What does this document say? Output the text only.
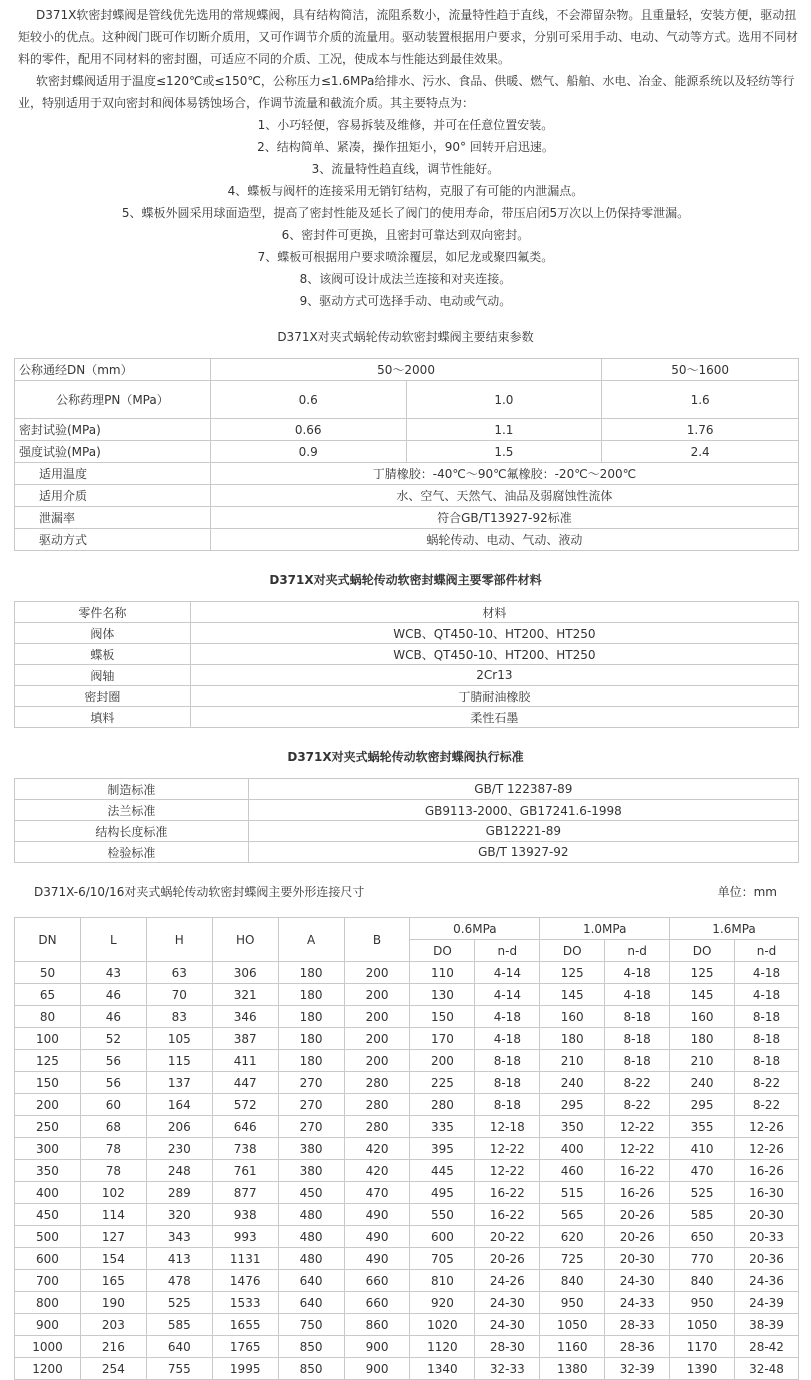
D371X软密封蝶阀是管线优先选用的常规蝶阀，具有结构简洁，流阻系数小，流量特性趋于直线，不会滞留杂物。且重量轻，安装方便，驱动扭矩较小的优点。这种阀门既可作切断介质用，又可作调节介质的流量用。驱动装置根据用户要求，分别可采用手动、电动、气动等方式。选用不同材料的零件，配用不同材料的密封圈，可适应不同的介质、工况，使成本与性能达到最佳效果。

软密封蝶阀适用于温度≤120℃或≤150℃，公称压力≤1.6MPa给排水、污水、食品、供暖、燃气、船舶、水电、冶金、能源系统以及轻纺等行业，特别适用于双向密封和阀体易锈蚀场合，作调节流量和截流介质。其主要特点为：

1、小巧轻便，容易拆装及维修，并可在任意位置安装。
2、结构简单、紧凑，操作扭矩小，90° 回转开启迅速。
3、流量特性趋直线，调节性能好。
4、蝶板与阀杆的连接采用无销钉结构，克服了有可能的内泄漏点。
5、蝶板外圆采用球面造型，提高了密封性能及延长了阀门的使用寿命，带压启闭5万次以上仍保持零泄漏。
6、密封件可更换，且密封可靠达到双向密封。
7、蝶板可根据用户要求喷涂覆层，如尼龙或聚四氟类。
8、该阀可设计成法兰连接和对夹连接。
9、驱动方式可选择手动、电动或气动。
D371X对夹式蜗轮传动软密封蝶阀主要结束参数
公称通经DN（mm）	50～2000		50～1600
公称药理PN（MPa）	0.6	1.0	1.6
密封试验(MPa)	0.66	1.1	1.76
强度试验(MPa)	0.9	1.5	2.4
适用温度	丁腈橡胶：-40℃～90℃氟橡胶：-20℃～200℃		
适用介质	水、空气、天然气、油品及弱腐蚀性流体		
泄漏率	符合GB/T13927-92标准		
驱动方式	蜗轮传动、电动、气动、液动		
D371X对夹式蜗轮传动软密封蝶阀主要零部件材料
零件名称	材料
阀体	WCB、QT450-10、HT200、HT250
蝶板	WCB、QT450-10、HT200、HT250
阀轴	2Cr13
密封圈	丁腈耐油橡胶
填料	柔性石墨
D371X对夹式蜗轮传动软密封蝶阀执行标准
制造标准	GB/T 122387-89
法兰标准	GB9113-2000、GB17241.6-1998
结构长度标准	GB12221-89
检验标准	GB/T 13927-92
D371X-6/10/16对夹式蜗轮传动软密封蝶阀主要外形连接尺寸	单位：mm
DN	L	H	HO	A	B	0.6MPa		1.0MPa		1.6MPa	
						DO	n-d	DO	n-d	DO	n-d
50	43	63	306	180	200	110	4-14	125	4-18	125	4-18
65	46	70	321	180	200	130	4-14	145	4-18	145	4-18
80	46	83	346	180	200	150	4-18	160	8-18	160	8-18
100	52	105	387	180	200	170	4-18	180	8-18	180	8-18
125	56	115	411	180	200	200	8-18	210	8-18	210	8-18
150	56	137	447	270	280	225	8-18	240	8-22	240	8-22
200	60	164	572	270	280	280	8-18	295	8-22	295	8-22
250	68	206	646	270	280	335	12-18	350	12-22	355	12-26
300	78	230	738	380	420	395	12-22	400	12-22	410	12-26
350	78	248	761	380	420	445	12-22	460	16-22	470	16-26
400	102	289	877	450	470	495	16-22	515	16-26	525	16-30
450	114	320	938	480	490	550	16-22	565	20-26	585	20-30
500	127	343	993	480	490	600	20-22	620	20-26	650	20-33
600	154	413	1131	480	490	705	20-26	725	20-30	770	20-36
700	165	478	1476	640	660	810	24-26	840	24-30	840	24-36
800	190	525	1533	640	660	920	24-30	950	24-33	950	24-39
900	203	585	1655	750	860	1020	24-30	1050	28-33	1050	38-39
1000	216	640	1765	850	900	1120	28-30	1160	28-36	1170	28-42
1200	254	755	1995	850	900	1340	32-33	1380	32-39	1390	32-48
